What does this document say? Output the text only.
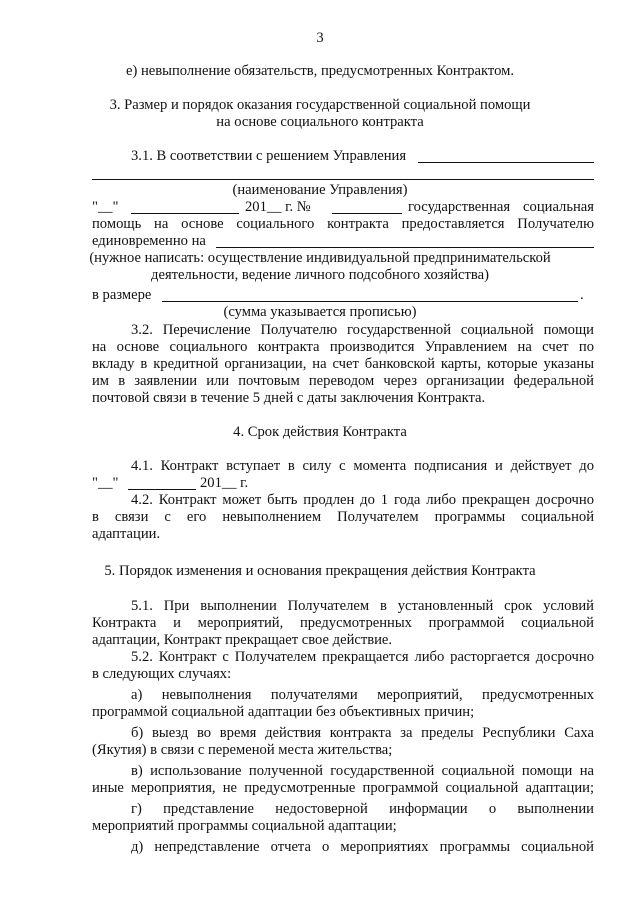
3
е) невыполнение обязательств, предусмотренных Контрактом.
3. Размер и порядок оказания государственной социальной помощи
на основе социального контракта
3.1. В соответствии с решением Управления
(наименование Управления)
"__"	201__ г. №	государственная социальная
помощь на основе социального контракта предоставляется Получателю
единовременно на
(нужное написать: осуществление индивидуальной предпринимательской
деятельности, ведение личного подсобного хозяйства)
в размере	.
(сумма указывается прописью)
3.2. Перечисление Получателю государственной социальной помощи
на основе социального контракта производится Управлением на счет по
вкладу в кредитной организации, на счет банковской карты, которые указаны
им в заявлении или почтовым переводом через организации федеральной
почтовой связи в течение 5 дней с даты заключения Контракта.
4. Срок действия Контракта
4.1. Контракт вступает в силу с момента подписания и действует до
"__"	201__ г.
4.2. Контракт может быть продлен до 1 года либо прекращен досрочно
в связи с его невыполнением Получателем программы социальной
адаптации.
5. Порядок изменения и основания прекращения действия Контракта
5.1. При выполнении Получателем в установленный срок условий
Контракта и мероприятий, предусмотренных программой социальной
адаптации, Контракт прекращает свое действие.
5.2. Контракт с Получателем прекращается либо расторгается досрочно
в следующих случаях:
а) невыполнения получателями мероприятий, предусмотренных
программой социальной адаптации без объективных причин;
б) выезд во время действия контракта за пределы Республики Саха
(Якутия) в связи с переменой места жительства;
в) использование полученной государственной социальной помощи на
иные мероприятия, не предусмотренные программой социальной адаптации;
г) представление недостоверной информации о выполнении
мероприятий программы социальной адаптации;
д) непредставление отчета о мероприятиях программы социальной
